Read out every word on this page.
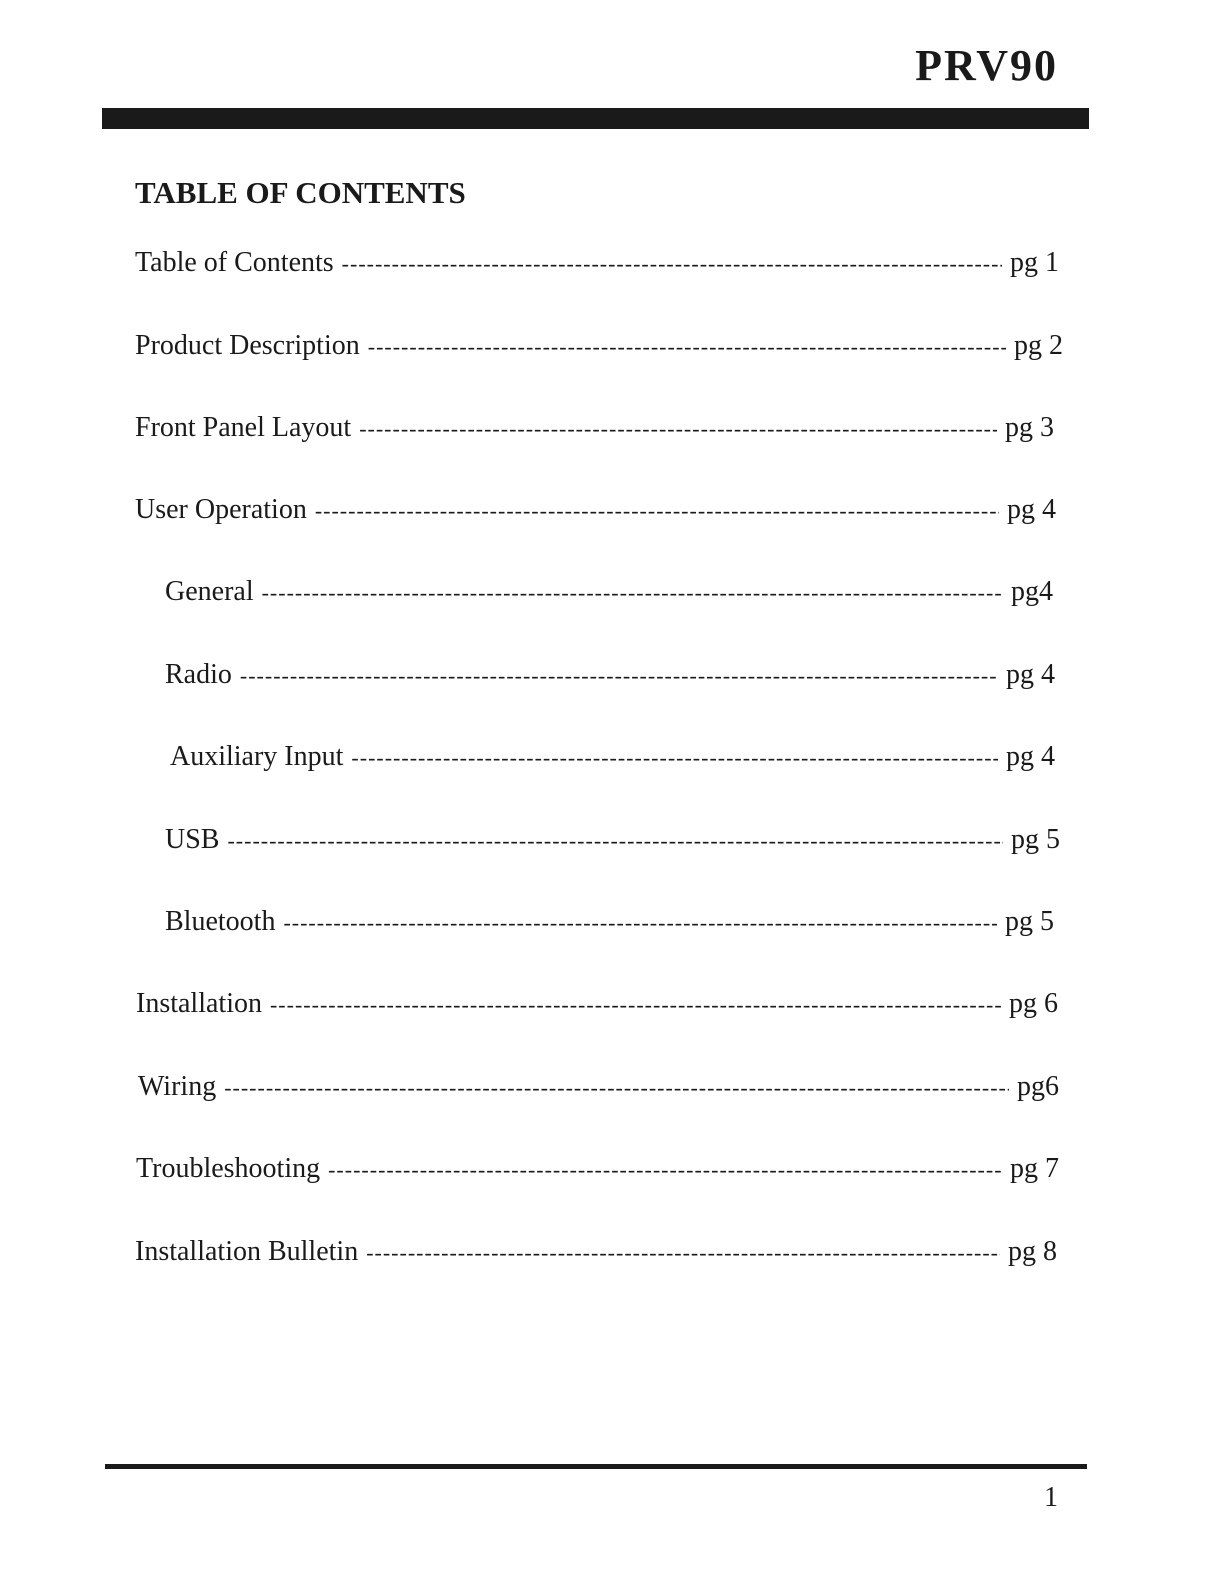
PRV90
TABLE OF CONTENTS
Table of Contents -----	pg 1
Product Description -----	pg 2
Front Panel Layout -----	pg 3
User Operation -----	pg 4
General -----	pg4
Radio -----	pg 4
Auxiliary Input -----	pg 4
USB -----	pg 5
Bluetooth -----	pg 5
Installation -----	pg 6
Wiring -----	pg6
Troubleshooting -----	pg 7
Installation Bulletin -----	pg 8
1
